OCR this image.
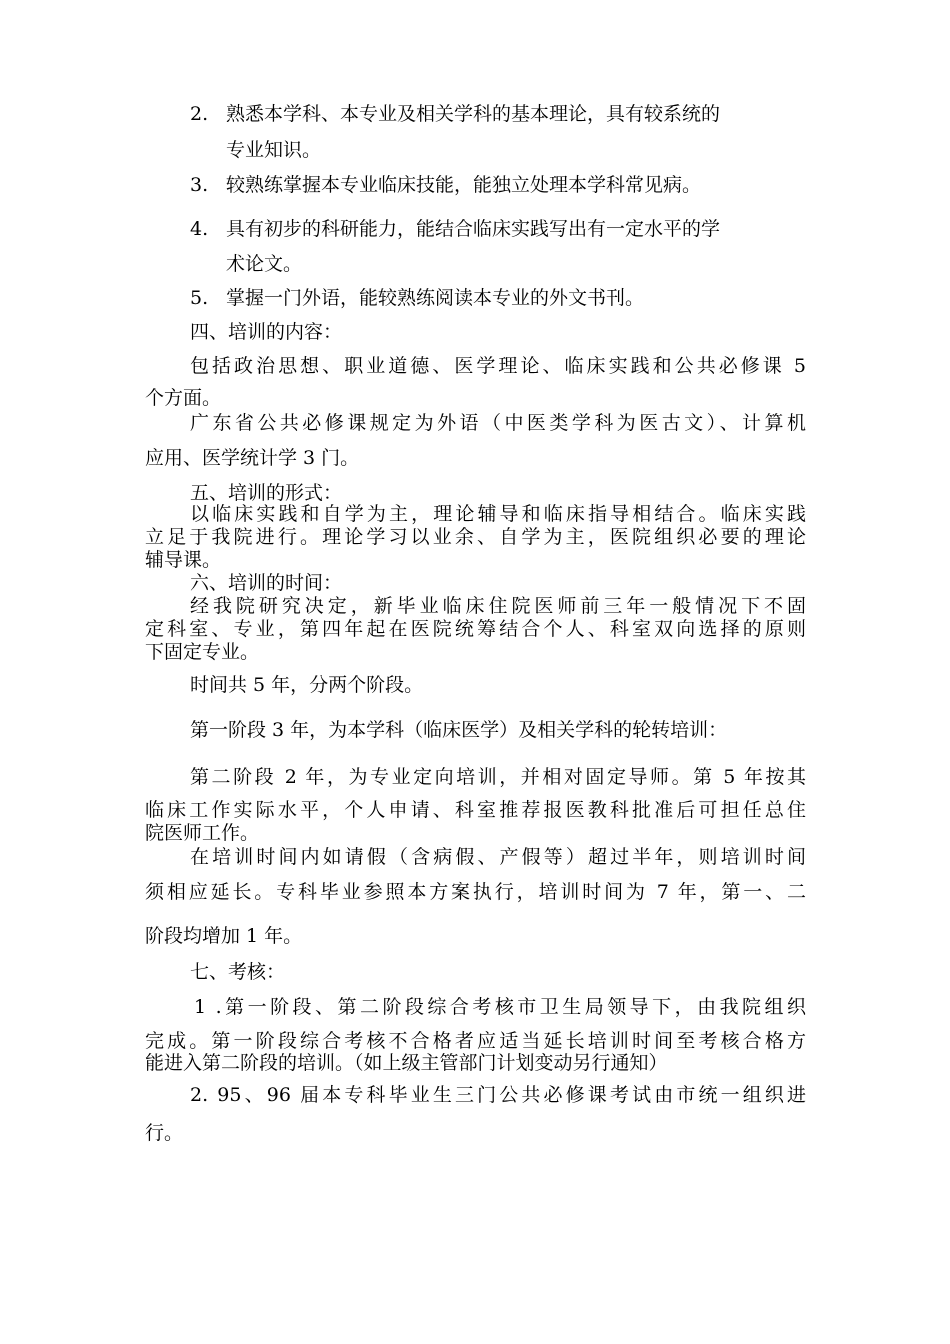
2. 熟悉本学科、本专业及相关学科的基本理论，具有较系统的

专业知识。

3. 较熟练掌握本专业临床技能，能独立处理本学科常见病。

4. 具有初步的科研能力，能结合临床实践写出有一定水平的学

术论文。

5. 掌握一门外语，能较熟练阅读本专业的外文书刊。

四、培训的内容：

包括政治思想、职业道德、医学理论、临床实践和公共必修课 5

个方面。

广东省公共必修课规定为外语（中医类学科为医古文）、计算机

应用、医学统计学 3 门。

五、培训的形式：

以临床实践和自学为主，理论辅导和临床指导相结合。临床实践

立足于我院进行。理论学习以业余、自学为主，医院组织必要的理论

辅导课。

六、培训的时间：

经我院研究决定，新毕业临床住院医师前三年一般情况下不固

定科室、专业，第四年起在医院统筹结合个人、科室双向选择的原则

下固定专业。

时间共 5 年，分两个阶段。

第一阶段 3 年，为本学科（临床医学）及相关学科的轮转培训：

第二阶段 2 年，为专业定向培训，并相对固定导师。第 5 年按其

临床工作实际水平，个人申请、科室推荐报医教科批准后可担任总住

院医师工作。

在培训时间内如请假（含病假、产假等）超过半年，则培训时间

须相应延长。专科毕业参照本方案执行，培训时间为 7 年，第一、二

阶段均增加 1 年。

七、考核：

1 .第一阶段、第二阶段综合考核市卫生局领导下，由我院组织

完成。第一阶段综合考核不合格者应适当延长培训时间至考核合格方

能进入第二阶段的培训。（如上级主管部门计划变动另行通知）

2. 95、96 届本专科毕业生三门公共必修课考试由市统一组织进

行。
